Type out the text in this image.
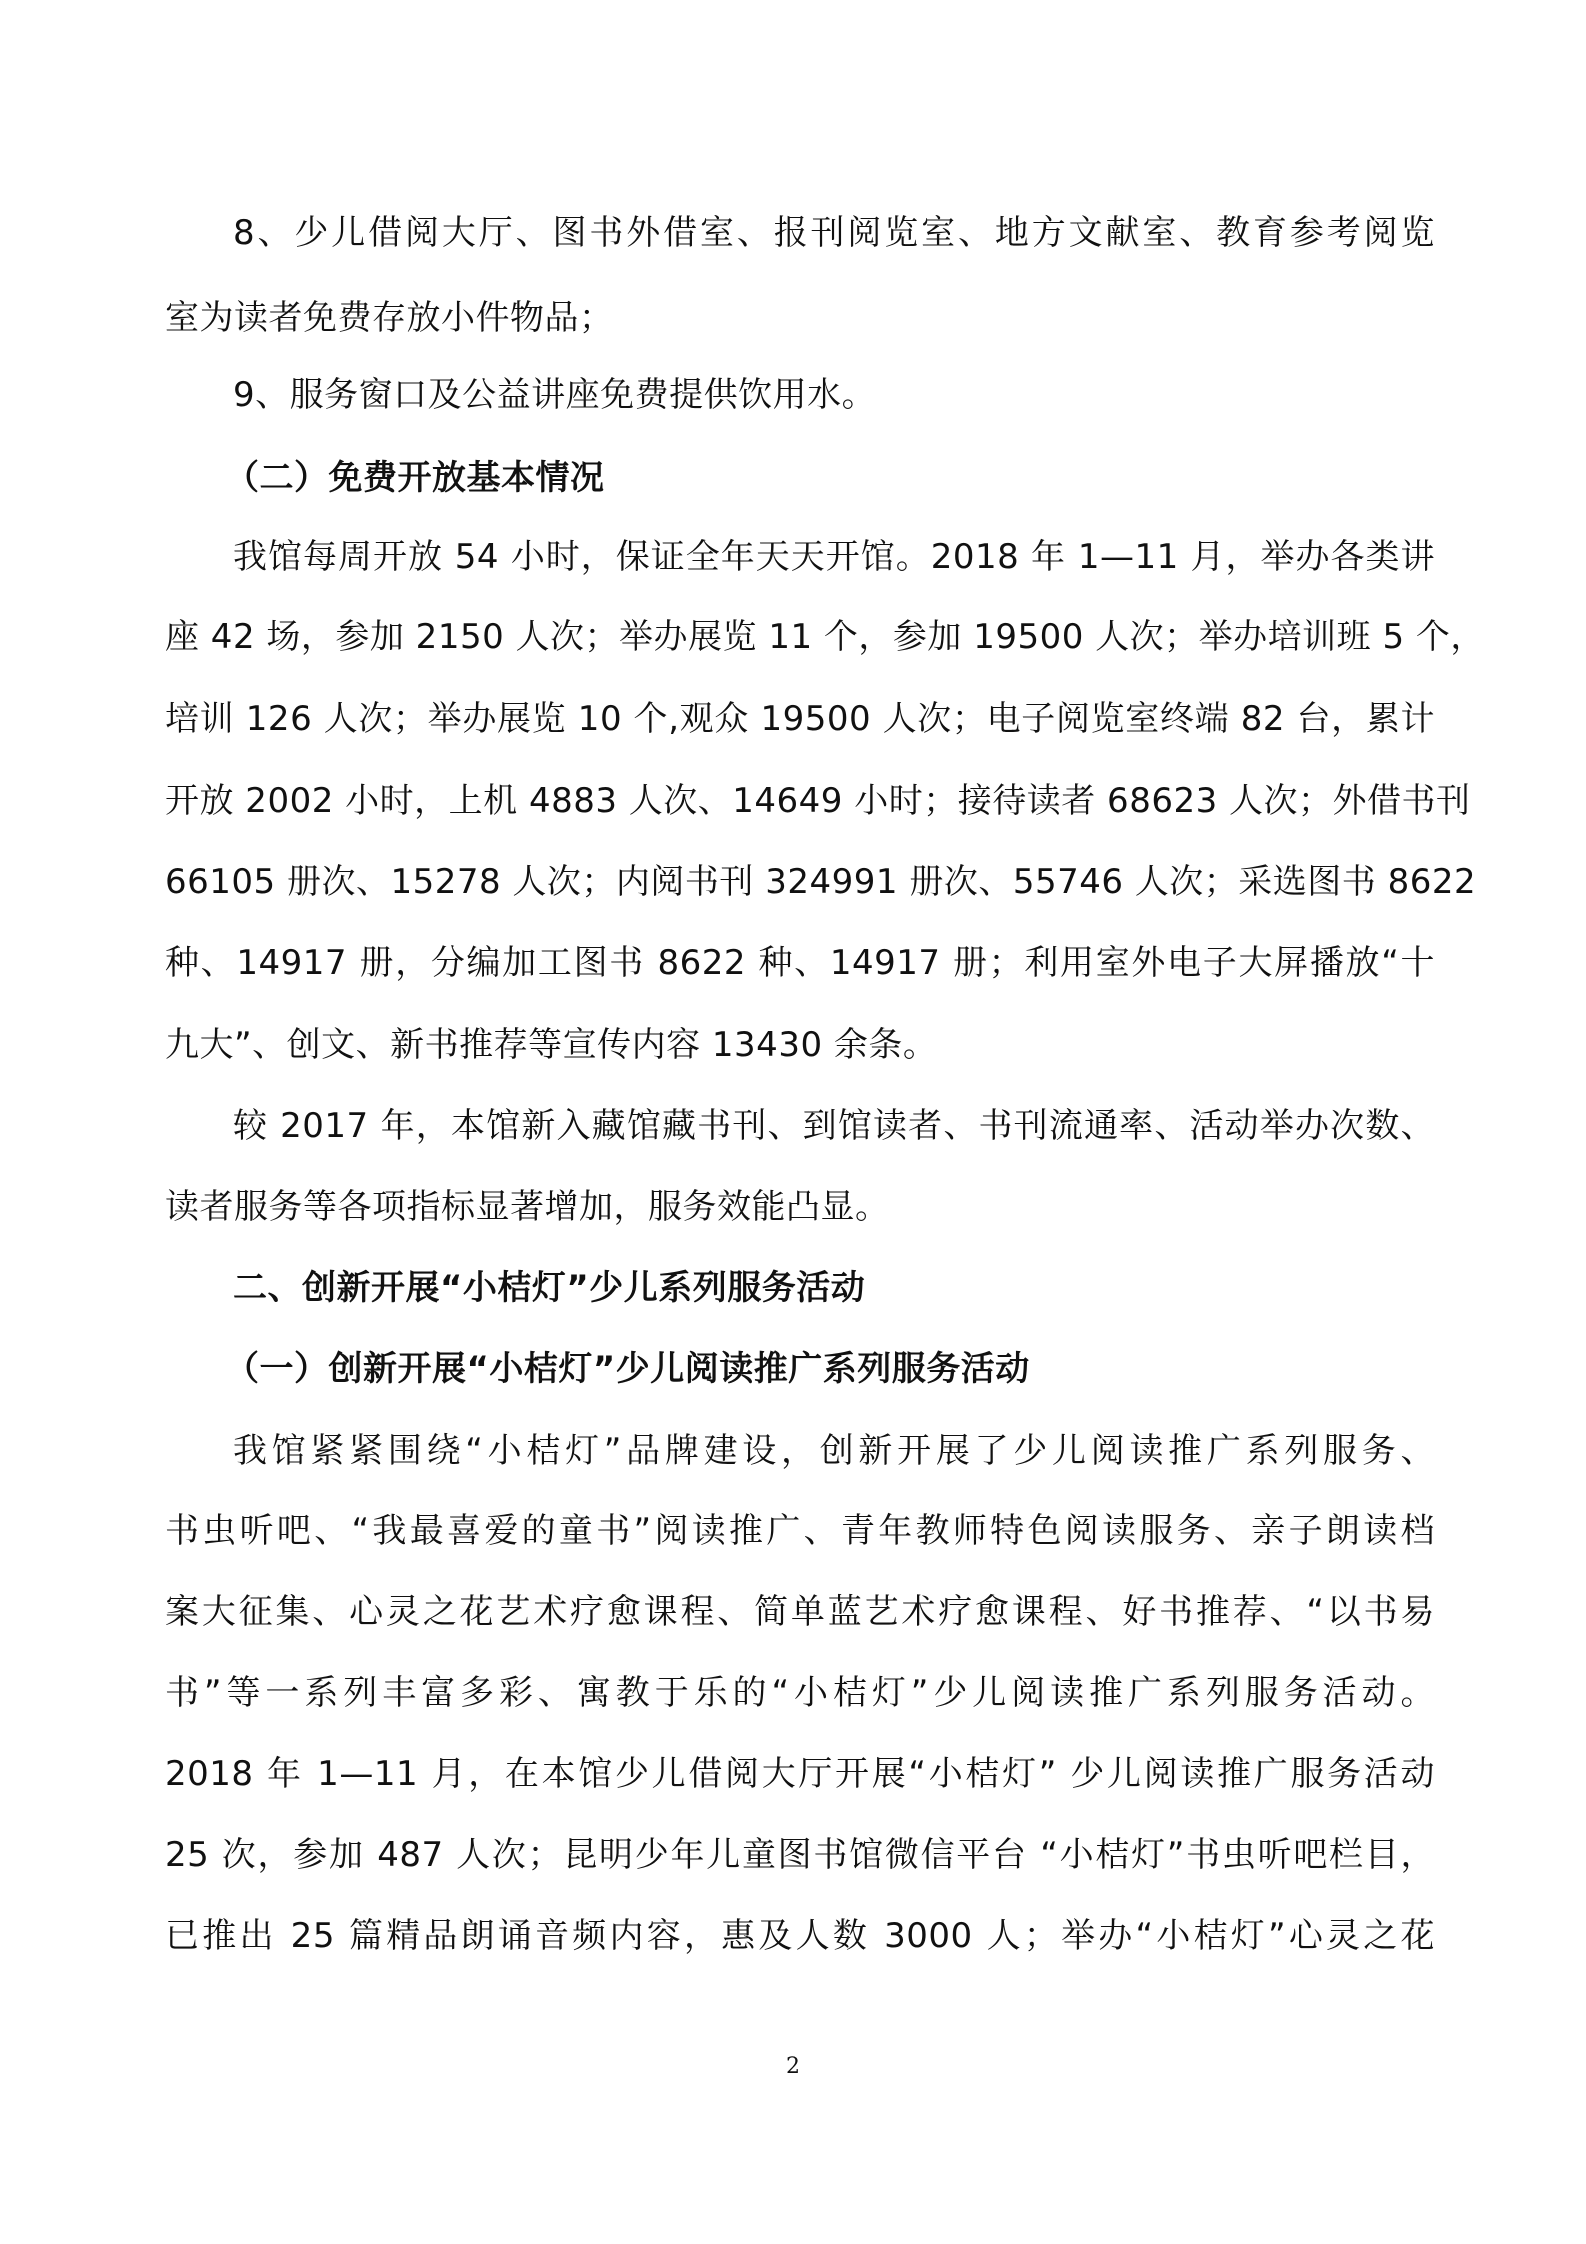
8、少儿借阅大厅、图书外借室、报刊阅览室、地方文献室、教育参考阅览
室为读者免费存放小件物品；
9、服务窗口及公益讲座免费提供饮用水。
（二）免费开放基本情况
我馆每周开放 54 小时，保证全年天天开馆。2018 年 1—11 月，举办各类讲
座 42 场，参加 2150 人次；举办展览 11 个，参加 19500 人次；举办培训班 5 个，
培训 126 人次；举办展览 10 个,观众 19500 人次；电子阅览室终端 82 台，累计
开放 2002 小时，上机 4883 人次、14649 小时；接待读者 68623 人次；外借书刊
66105 册次、15278 人次；内阅书刊 324991 册次、55746 人次；采选图书 8622
种、14917 册，分编加工图书 8622 种、14917 册；利用室外电子大屏播放“十
九大”、创文、新书推荐等宣传内容 13430 余条。
较 2017 年，本馆新入藏馆藏书刊、到馆读者、书刊流通率、活动举办次数、
读者服务等各项指标显著增加，服务效能凸显。
二、创新开展“小桔灯”少儿系列服务活动
（一）创新开展“小桔灯”少儿阅读推广系列服务活动
我馆紧紧围绕“小桔灯”品牌建设，创新开展了少儿阅读推广系列服务、
书虫听吧、“我最喜爱的童书”阅读推广、青年教师特色阅读服务、亲子朗读档
案大征集、心灵之花艺术疗愈课程、简单蓝艺术疗愈课程、好书推荐、“以书易
书”等一系列丰富多彩、寓教于乐的“小桔灯”少儿阅读推广系列服务活动。
2018 年 1—11 月，在本馆少儿借阅大厅开展“小桔灯” 少儿阅读推广服务活动
25 次，参加 487 人次；昆明少年儿童图书馆微信平台 “小桔灯”书虫听吧栏目，
已推出 25 篇精品朗诵音频内容，惠及人数 3000 人；举办“小桔灯”心灵之花
2
